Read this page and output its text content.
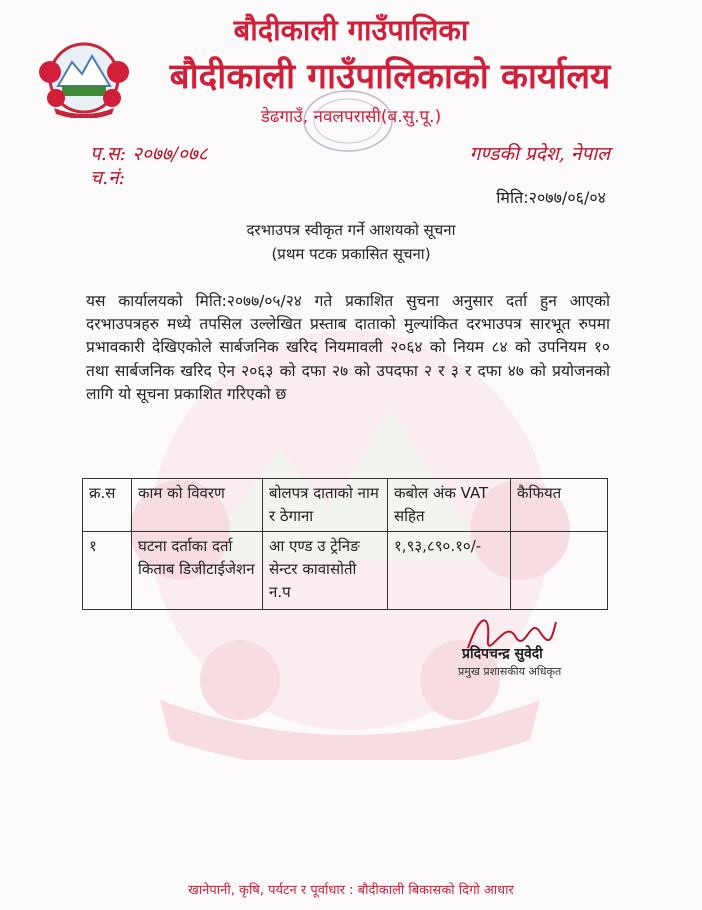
बौदीकाली गाउँपालिका
बौदीकाली गाउँपालिकाको कार्यालय
डेढगाउँ, नवलपरासी(ब.सु.पू.)
प.स: २०७७/०७८
च.नं:
गण्डकी प्रदेश, नेपाल
मिति:२०७७/०६/०४
दरभाउपत्र स्वीकृत गर्ने आशयको सूचना
(प्रथम पटक प्रकासित सूचना)
यस कार्यालयको मिति:२०७७/०५/२४ गते प्रकाशित सुचना अनुसार दर्ता हुन आएको दरभाउपत्रहरु मध्ये तपसिल उल्लेखित प्रस्ताब दाताको मुल्यांकित दरभाउपत्र सारभूत रुपमा प्रभावकारी देखिएकोले सार्बजनिक खरिद नियमावली २०६४ को नियम ८४ को उपनियम १० तथा सार्बजनिक खरिद ऐन २०६३ को दफा २७ को उपदफा २ र ३ र दफा ४७ को प्रयोजनको लागि यो सूचना प्रकाशित गरिएको छ
क्र.स	काम को विवरण	बोलपत्र दाताको नाम र ठेगाना	कबोल अंक VAT सहित	कैफियत
१	घटना दर्ताका दर्ता किताब डिजीटाईजेशन	आ एण्ड उ ट्रेनिङ सेन्टर कावासोती न.प	१,९३,८९०.१०/-	
प्रदिपचन्द्र सुवेदी
प्रमुख प्रशासकीय अधिकृत
खानेपानी, कृषि, पर्यटन र पूर्वाधार : बौदीकाली बिकासको दिगो आधार
